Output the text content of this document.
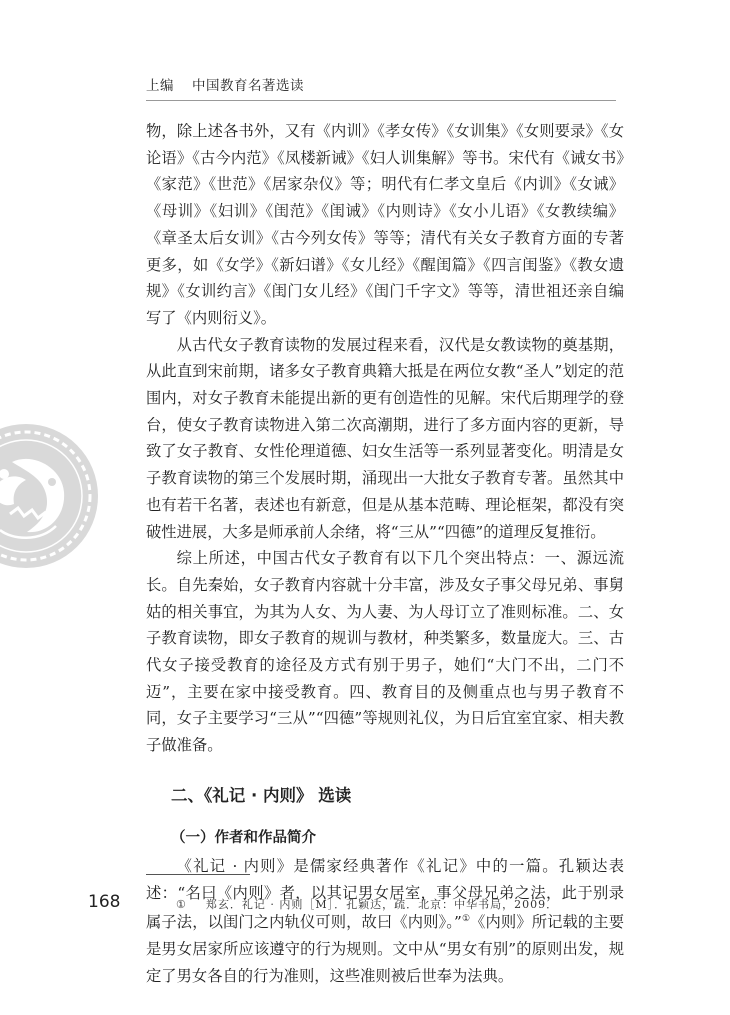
上编 中国教育名著选读

物，除上述各书外，又有《内训》《孝女传》《女训集》《女则要录》《女论语》《古今内范》《凤楼新诫》《妇人训集解》等书。宋代有《诫女书》《家范》《世范》《居家杂仪》等；明代有仁孝文皇后《内训》《女诫》《母训》《妇训》《闺范》《闺诫》《内则诗》《女小儿语》《女教续编》《章圣太后女训》《古今列女传》等等；清代有关女子教育方面的专著更多，如《女学》《新妇谱》《女儿经》《醒闺篇》《四言闺鉴》《教女遗规》《女训约言》《闺门女儿经》《闺门千字文》等等，清世祖还亲自编写了《内则衍义》。

从古代女子教育读物的发展过程来看，汉代是女教读物的奠基期，从此直到宋前期，诸多女子教育典籍大抵是在两位女教“圣人”划定的范围内，对女子教育未能提出新的更有创造性的见解。宋代后期理学的登台，使女子教育读物进入第二次高潮期，进行了多方面内容的更新，导致了女子教育、女性伦理道德、妇女生活等一系列显著变化。明清是女子教育读物的第三个发展时期，涌现出一大批女子教育专著。虽然其中也有若干名著，表述也有新意，但是从基本范畴、理论框架，都没有突破性进展，大多是师承前人余绪，将“三从”“四德”的道理反复推衍。

综上所述，中国古代女子教育有以下几个突出特点：一、源远流长。自先秦始，女子教育内容就十分丰富，涉及女子事父母兄弟、事舅姑的相关事宜，为其为人女、为人妻、为人母订立了准则标准。二、女子教育读物，即女子教育的规训与教材，种类繁多，数量庞大。三、古代女子接受教育的途径及方式有别于男子，她们“大门不出，二门不迈”，主要在家中接受教育。四、教育目的及侧重点也与男子教育不同，女子主要学习“三从”“四德”等规则礼仪，为日后宜室宜家、相夫教子做准备。

二、《礼记 · 内则》 选读
（一）作者和作品简介

《礼记 · 内则》是儒家经典著作《礼记》中的一篇。孔颖达表述：“名曰《内则》者，以其记男女居室，事父母兄弟之法，此于别录属子法，以闺门之内轨仪可则，故曰《内则》。”①《内则》所记载的主要是男女居家所应该遵守的行为规则。文中从“男女有别”的原则出发，规定了男女各自的行为准则，这些准则被后世奉为法典。

168	① 郑玄．礼记 · 内则［M］．孔颖达，疏．北京：中华书局，2009．
